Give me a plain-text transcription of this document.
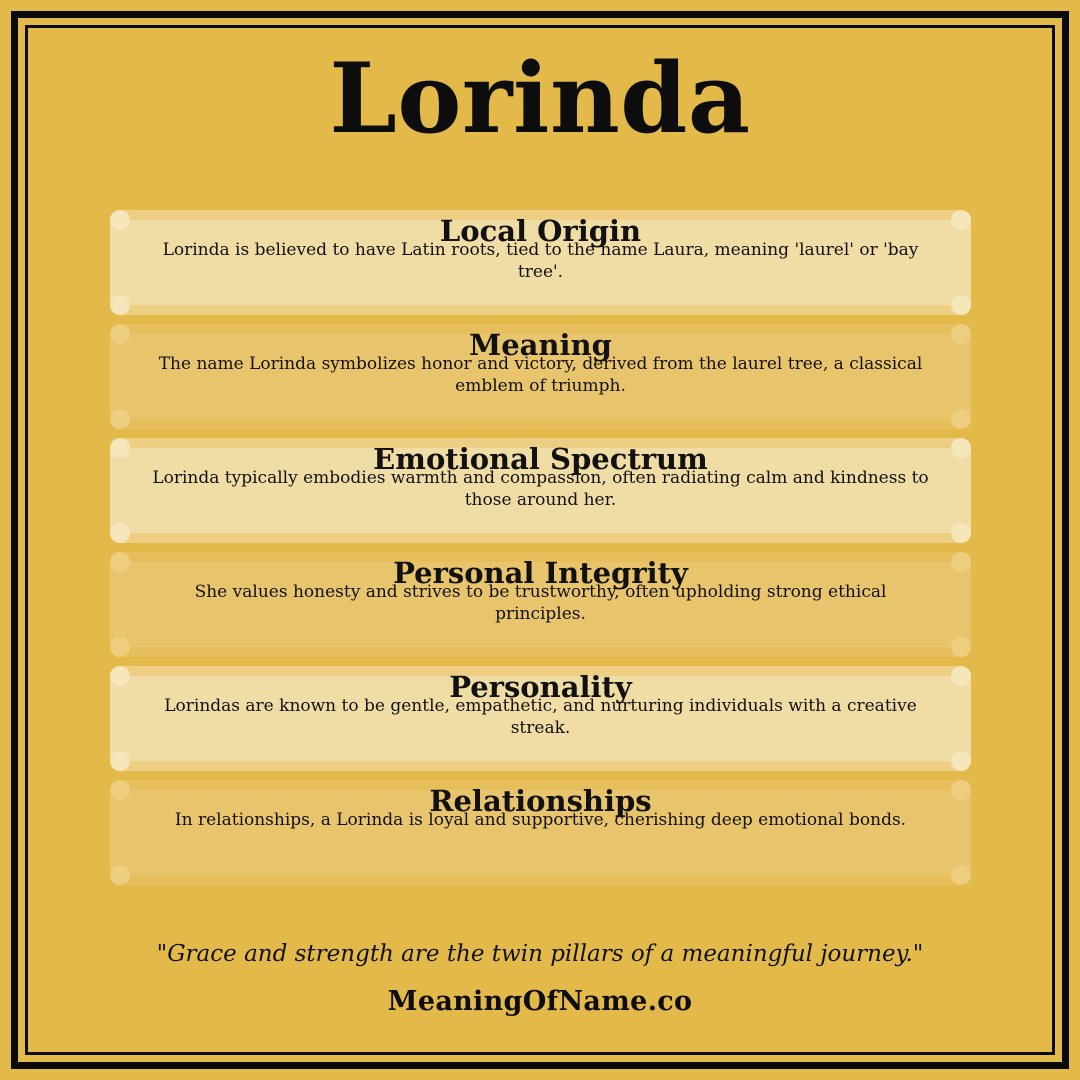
Lorinda
Local Origin

Lorinda is believed to have Latin roots, tied to the name Laura, meaning 'laurel' or 'bay tree'.

Meaning

The name Lorinda symbolizes honor and victory, derived from the laurel tree, a classical emblem of triumph.

Emotional Spectrum

Lorinda typically embodies warmth and compassion, often radiating calm and kindness to those around her.

Personal Integrity

She values honesty and strives to be trustworthy, often upholding strong ethical principles.

Personality

Lorindas are known to be gentle, empathetic, and nurturing individuals with a creative streak.

Relationships

In relationships, a Lorinda is loyal and supportive, cherishing deep emotional bonds.

"Grace and strength are the twin pillars of a meaningful journey."
MeaningOfName.co
